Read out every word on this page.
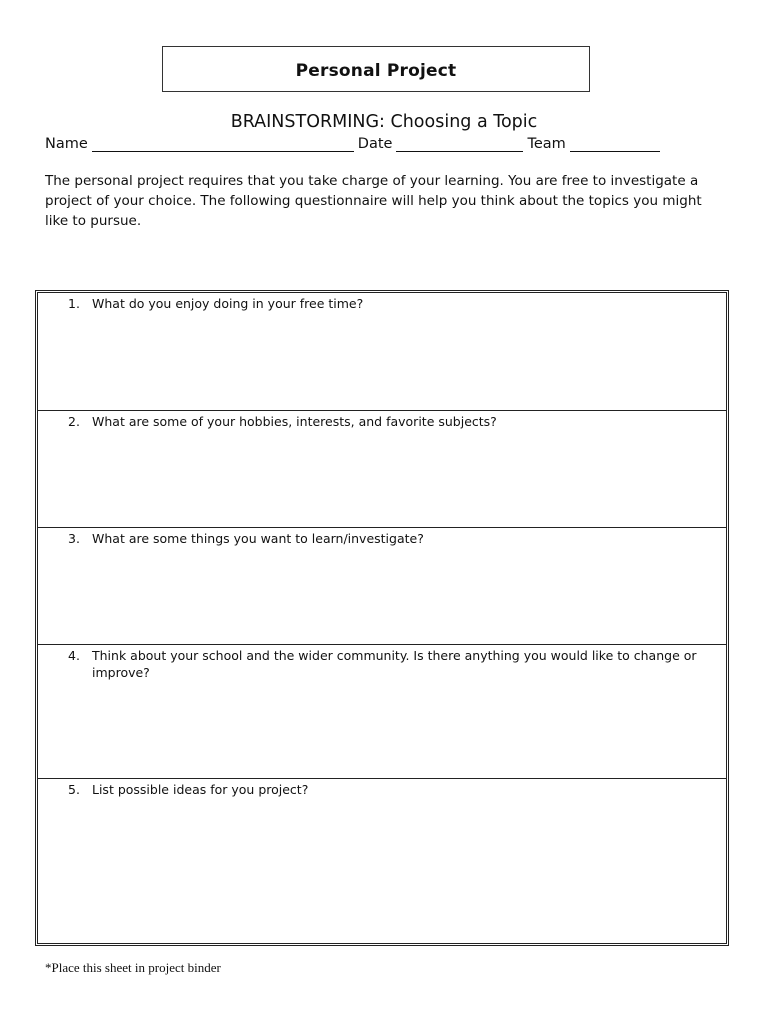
Personal Project
BRAINSTORMING: Choosing a Topic
Name	Date	Team
The personal project requires that you take charge of your learning. You are free to investigate a project of your choice. The following questionnaire will help you think about the topics you might like to pursue.
1. What do you enjoy doing in your free time?
2. What are some of your hobbies, interests, and favorite subjects?
3. What are some things you want to learn/investigate?
4. Think about your school and the wider community. Is there anything you would like to change or improve?
5. List possible ideas for you project?
*Place this sheet in project binder
